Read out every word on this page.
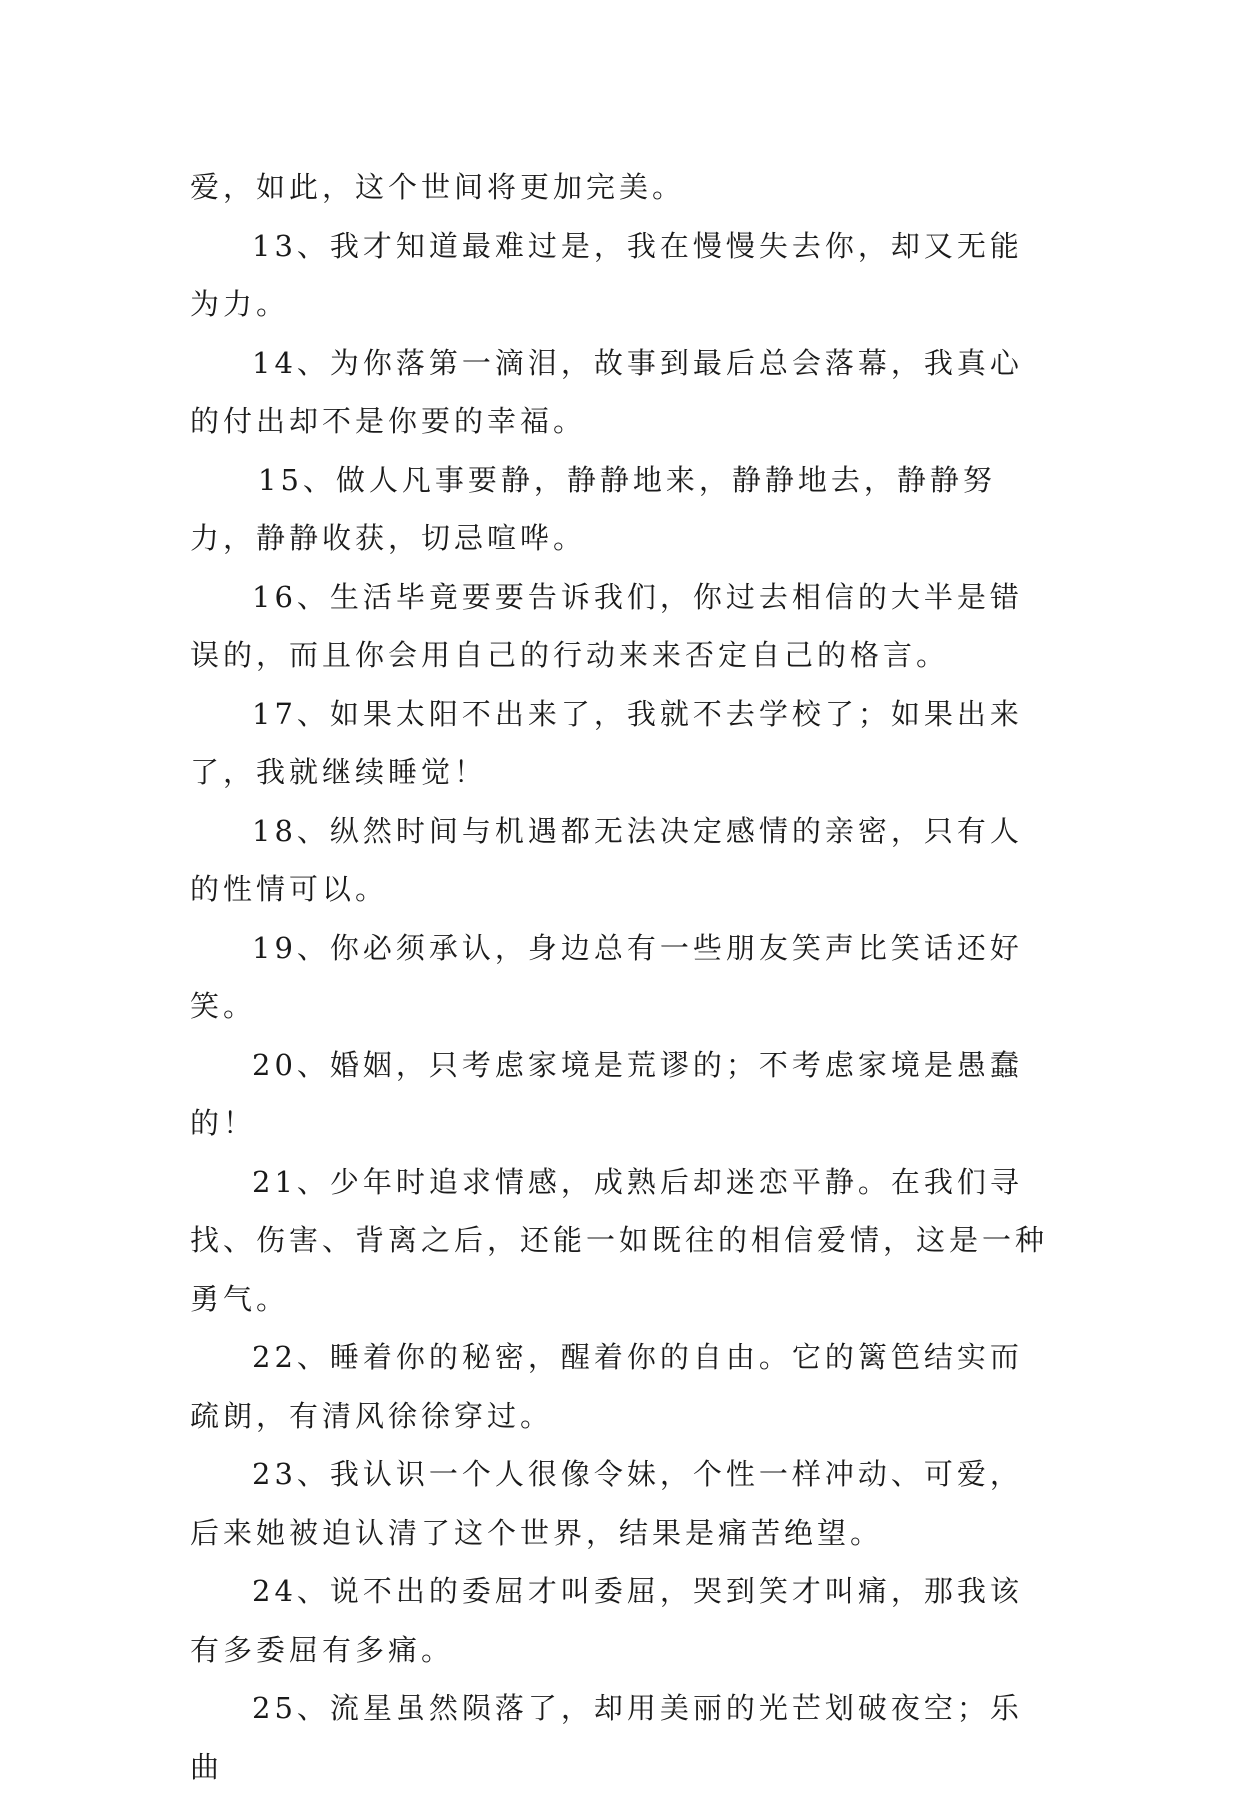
爱，如此，这个世间将更加完美。

13、我才知道最难过是，我在慢慢失去你，却又无能为力。

14、为你落第一滴泪，故事到最后总会落幕，我真心的付出却不是你要的幸福。

15、做人凡事要静，静静地来，静静地去，静静努力，静静收获，切忌喧哗。

16、生活毕竟要要告诉我们，你过去相信的大半是错误的，而且你会用自己的行动来来否定自己的格言。

17、如果太阳不出来了，我就不去学校了；如果出来了，我就继续睡觉！

18、纵然时间与机遇都无法决定感情的亲密，只有人的性情可以。

19、你必须承认，身边总有一些朋友笑声比笑话还好笑。

20、婚姻，只考虑家境是荒谬的；不考虑家境是愚蠢的！

21、少年时追求情感，成熟后却迷恋平静。在我们寻找、伤害、背离之后，还能一如既往的相信爱情，这是一种勇气。

22、睡着你的秘密，醒着你的自由。它的篱笆结实而疏朗，有清风徐徐穿过。

23、我认识一个人很像令妹，个性一样冲动、可爱，后来她被迫认清了这个世界，结果是痛苦绝望。

24、说不出的委屈才叫委屈，哭到笑才叫痛，那我该有多委屈有多痛。

25、流星虽然陨落了，却用美丽的光芒划破夜空；乐曲
